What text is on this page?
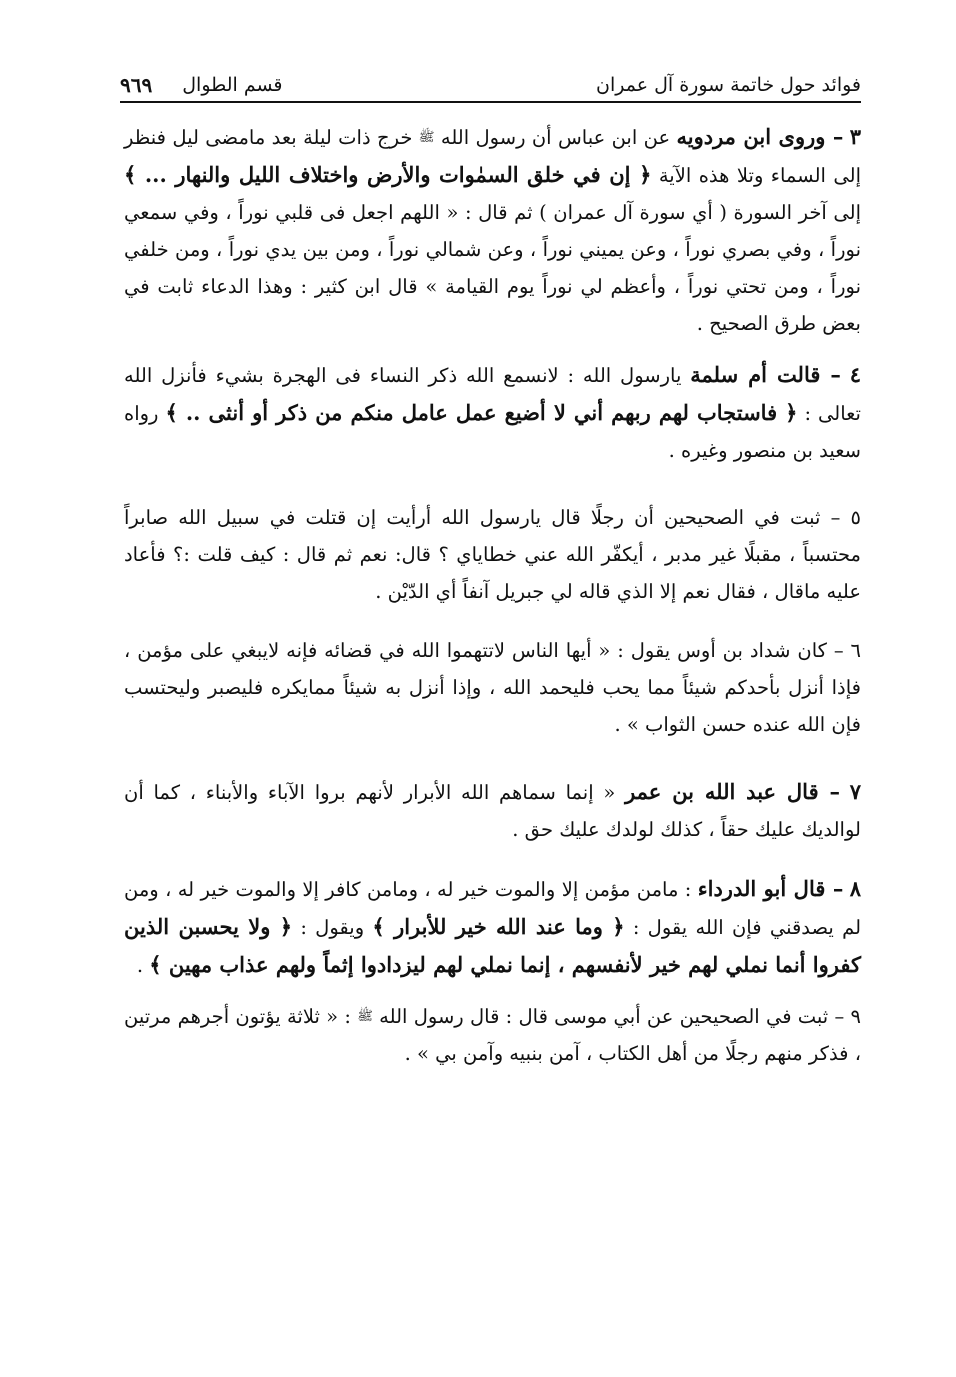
فوائد حول خاتمة سورة آل عمران
قسم الطوال
٩٦٩

٣ – وروى ابن مردويه عن ابن عباس أن رسول الله ﷺ خرج ذات ليلة بعد مامضى ليل فنظر إلى السماء وتلا هذه الآية ﴿ إن في خلق السمٰوات والأرض واختلاف الليل والنهار ... ﴾ إلى آخر السورة ( أي سورة آل عمران ) ثم قال : « اللهم اجعل فى قلبي نوراً ، وفي سمعي نوراً ، وفي بصري نوراً ، وعن يميني نوراً ، وعن شمالي نوراً ، ومن بين يدي نوراً ، ومن خلفي نوراً ، ومن تحتي نوراً ، وأعظم لي نوراً يوم القيامة » قال ابن كثير : وهذا الدعاء ثابت في بعض طرق الصحيح .

٤ – قالت أم سلمة يارسول الله : لانسمع الله ذكر النساء فى الهجرة بشيء فأنزل الله تعالى : ﴿ فاستجاب لهم ربهم أني لا أضيع عمل عامل منكم من ذكر أو أنثى .. ﴾ رواه سعيد بن منصور وغيره .

٥ – ثبت في الصحيحين أن رجلًا قال يارسول الله أرأيت إن قتلت في سبيل الله صابراً محتسباً ، مقبلًا غير مدبر ، أيكفّر الله عني خطاياي ؟ قال: نعم ثم قال : كيف قلت :؟ فأعاد عليه ماقال ، فقال نعم إلا الذي قاله لي جبريل آنفاً أي الدّيْن .

٦ – كان شداد بن أوس يقول : « أيها الناس لاتتهموا الله في قضائه فإنه لايبغي على مؤمن ، فإذا أنزل بأحدكم شيئاً مما يحب فليحمد الله ، وإذا أنزل به شيئاً ممايكره فليصبر وليحتسب فإن الله عنده حسن الثواب » .

٧ – قال عبد الله بن عمر « إنما سماهم الله الأبرار لأنهم بروا الآباء والأبناء ، كما أن لوالديك عليك حقاً ، كذلك لولدك عليك حق .

٨ – قال أبو الدرداء : مامن مؤمن إلا والموت خير له ، ومامن كافر إلا والموت خير له ، ومن لم يصدقني فإن الله يقول : ﴿ وما عند الله خير للأبرار ﴾ ويقول : ﴿ ولا يحسبن الذين كفروا أنما نملي لهم خير لأنفسهم ، إنما نملي لهم ليزدادوا إثماً ولهم عذاب مهين ﴾ .

٩ – ثبت في الصحيحين عن أبي موسى قال : قال رسول الله ﷺ : « ثلاثة يؤتون أجرهم مرتين ، فذكر منهم رجلًا من أهل الكتاب ، آمن بنبيه وآمن بي » .
